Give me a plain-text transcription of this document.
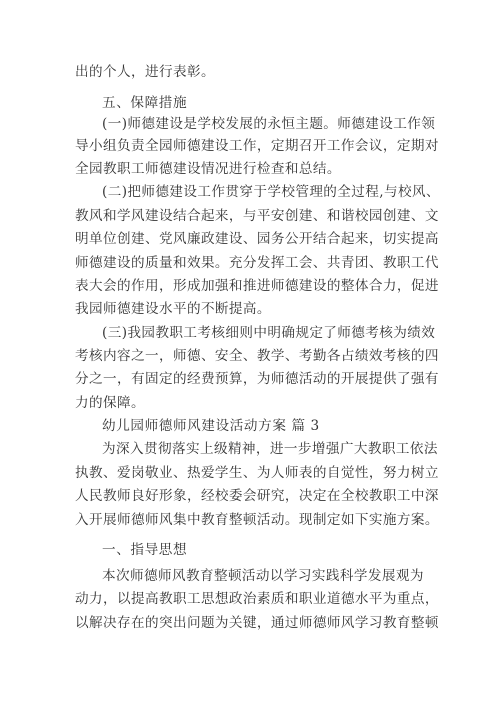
出的个人，进行表彰。
五、保障措施
(一)师德建设是学校发展的永恒主题。师德建设工作领
导小组负责全园师德建设工作，定期召开工作会议，定期对
全园教职工师德建设情况进行检查和总结。
(二)把师德建设工作贯穿于学校管理的全过程,与校风、
教风和学风建设结合起来，与平安创建、和谐校园创建、文
明单位创建、党风廉政建设、园务公开结合起来，切实提高
师德建设的质量和效果。充分发挥工会、共青团、教职工代
表大会的作用，形成加强和推进师德建设的整体合力，促进
我园师德建设水平的不断提高。
(三)我园教职工考核细则中明确规定了师德考核为绩效
考核内容之一，师德、安全、教学、考勤各占绩效考核的四
分之一，有固定的经费预算，为师德活动的开展提供了强有
力的保障。
幼儿园师德师风建设活动方案 篇 3
为深入贯彻落实上级精神，进一步增强广大教职工依法
执教、爱岗敬业、热爱学生、为人师表的自觉性，努力树立
人民教师良好形象，经校委会研究，决定在全校教职工中深
入开展师德师风集中教育整顿活动。现制定如下实施方案。
一、指导思想
本次师德师风教育整顿活动以学习实践科学发展观为
动力，以提高教职工思想政治素质和职业道德水平为重点，
以解决存在的突出问题为关键，通过师德师风学习教育整顿
